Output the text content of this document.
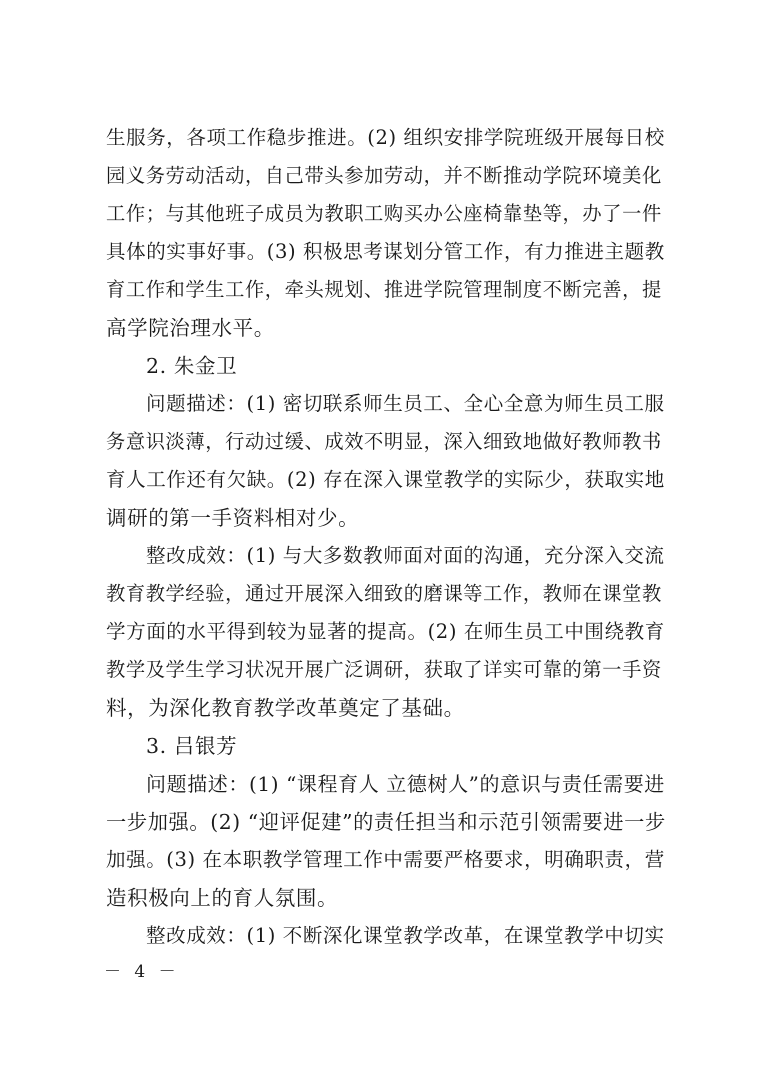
生服务，各项工作稳步推进。(2) 组织安排学院班级开展每日校
园义务劳动活动，自己带头参加劳动，并不断推动学院环境美化
工作；与其他班子成员为教职工购买办公座椅靠垫等，办了一件
具体的实事好事。(3) 积极思考谋划分管工作，有力推进主题教
育工作和学生工作，牵头规划、推进学院管理制度不断完善，提
高学院治理水平。
2. 朱金卫
问题描述：(1) 密切联系师生员工、全心全意为师生员工服
务意识淡薄，行动过缓、成效不明显，深入细致地做好教师教书
育人工作还有欠缺。(2) 存在深入课堂教学的实际少，获取实地
调研的第一手资料相对少。
整改成效：(1) 与大多数教师面对面的沟通，充分深入交流
教育教学经验，通过开展深入细致的磨课等工作，教师在课堂教
学方面的水平得到较为显著的提高。(2) 在师生员工中围绕教育
教学及学生学习状况开展广泛调研，获取了详实可靠的第一手资
料，为深化教育教学改革奠定了基础。
3. 吕银芳
问题描述：(1) “课程育人 立德树人”的意识与责任需要进
一步加强。(2) “迎评促建”的责任担当和示范引领需要进一步
加强。(3) 在本职教学管理工作中需要严格要求，明确职责，营
造积极向上的育人氛围。
整改成效：(1) 不断深化课堂教学改革，在课堂教学中切实
－ 4 －
